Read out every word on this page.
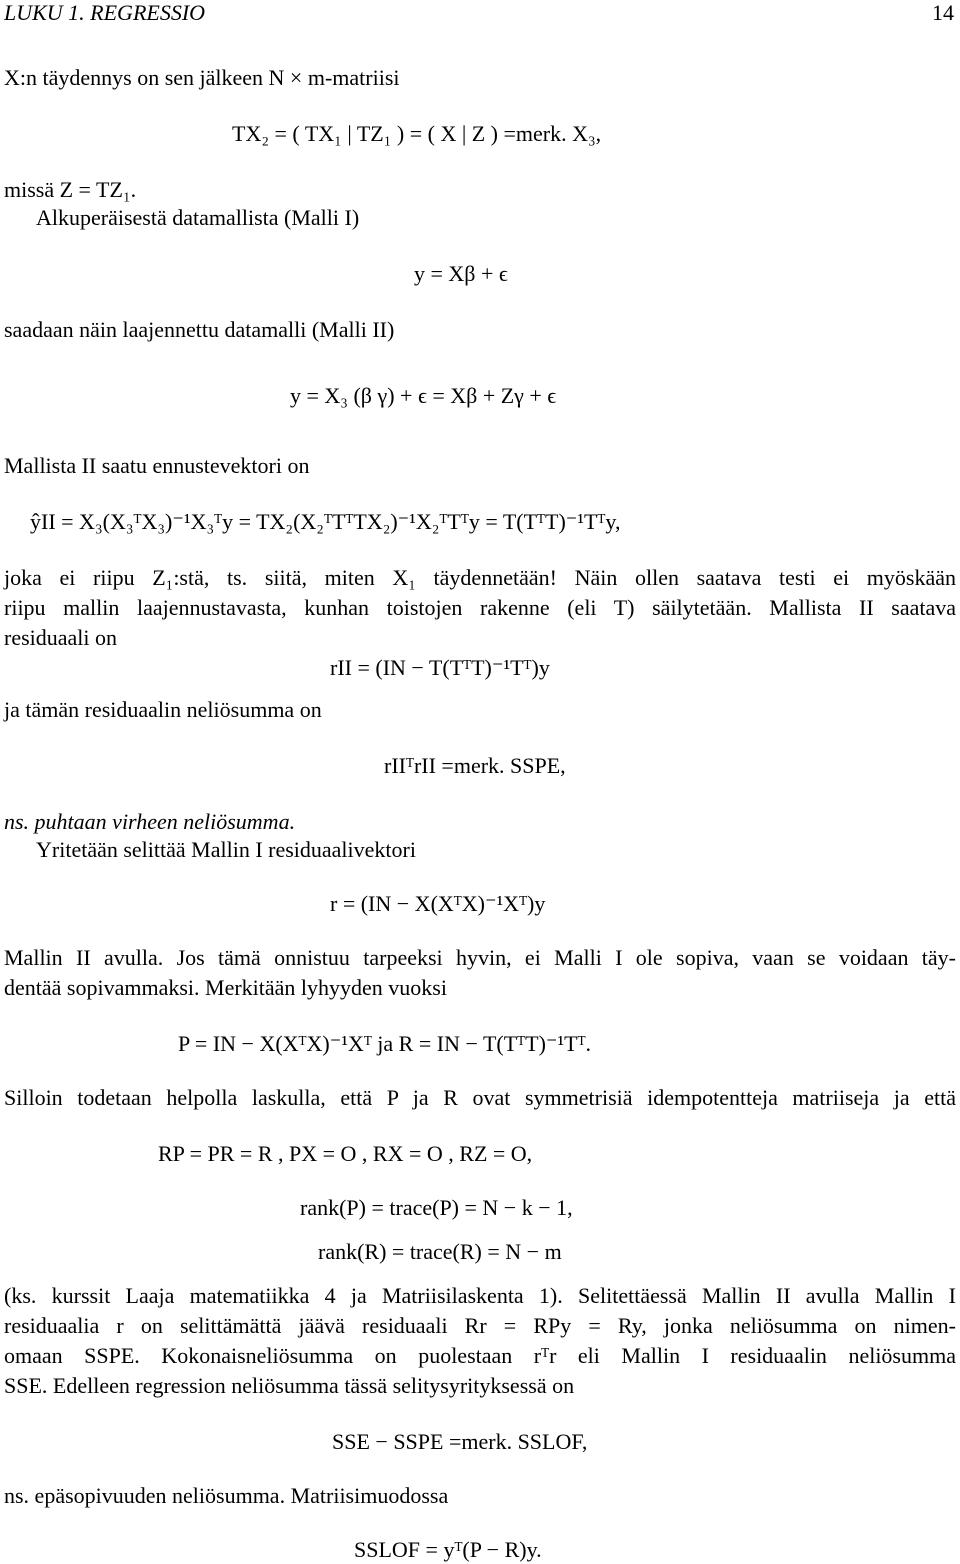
LUKU 1. REGRESSIO	14
X:n täydennys on sen jälkeen N × m-matriisi
TX₂ = ( TX₁ | TZ₁ ) = ( X | Z ) =merk. X₃,
missä Z = TZ₁.
Alkuperäisestä datamallista (Malli I)
y = Xβ + ϵ
saadaan näin laajennettu datamalli (Malli II)
y = X₃ (β γ) + ϵ = Xβ + Zγ + ϵ
Mallista II saatu ennustevektori on
ŷII = X₃(X₃ᵀX₃)⁻¹X₃ᵀy = TX₂(X₂ᵀTᵀTX₂)⁻¹X₂ᵀTᵀy = T(TᵀT)⁻¹Tᵀy,
joka ei riipu Z₁:stä, ts. siitä, miten X₁ täydennetään! Näin ollen saatava testi ei myöskään
riipu mallin laajennustavasta, kunhan toistojen rakenne (eli T) säilytetään. Mallista II saatava
residuaali on
rII = (IN − T(TᵀT)⁻¹Tᵀ)y
ja tämän residuaalin neliösumma on
rIIᵀrII =merk. SSPE,
ns. puhtaan virheen neliösumma.
Yritetään selittää Mallin I residuaalivektori
r = (IN − X(XᵀX)⁻¹Xᵀ)y
Mallin II avulla. Jos tämä onnistuu tarpeeksi hyvin, ei Malli I ole sopiva, vaan se voidaan täy-
dentää sopivammaksi. Merkitään lyhyyden vuoksi
P = IN − X(XᵀX)⁻¹Xᵀ ja R = IN − T(TᵀT)⁻¹Tᵀ.
Silloin todetaan helpolla laskulla, että P ja R ovat symmetrisiä idempotentteja matriiseja ja että
RP = PR = R , PX = O , RX = O , RZ = O,
rank(P) = trace(P) = N − k − 1,
rank(R) = trace(R) = N − m
(ks. kurssit Laaja matematiikka 4 ja Matriisilaskenta 1). Selitettäessä Mallin II avulla Mallin I
residuaalia r on selittämättä jäävä residuaali Rr = RPy = Ry, jonka neliösumma on nimen-
omaan SSPE. Kokonaisneliösumma on puolestaan rᵀr eli Mallin I residuaalin neliösumma
SSE. Edelleen regression neliösumma tässä selitysyrityksessä on
SSE − SSPE =merk. SSLOF,
ns. epäsopivuuden neliösumma. Matriisimuodossa
SSLOF = yᵀ(P − R)y.
